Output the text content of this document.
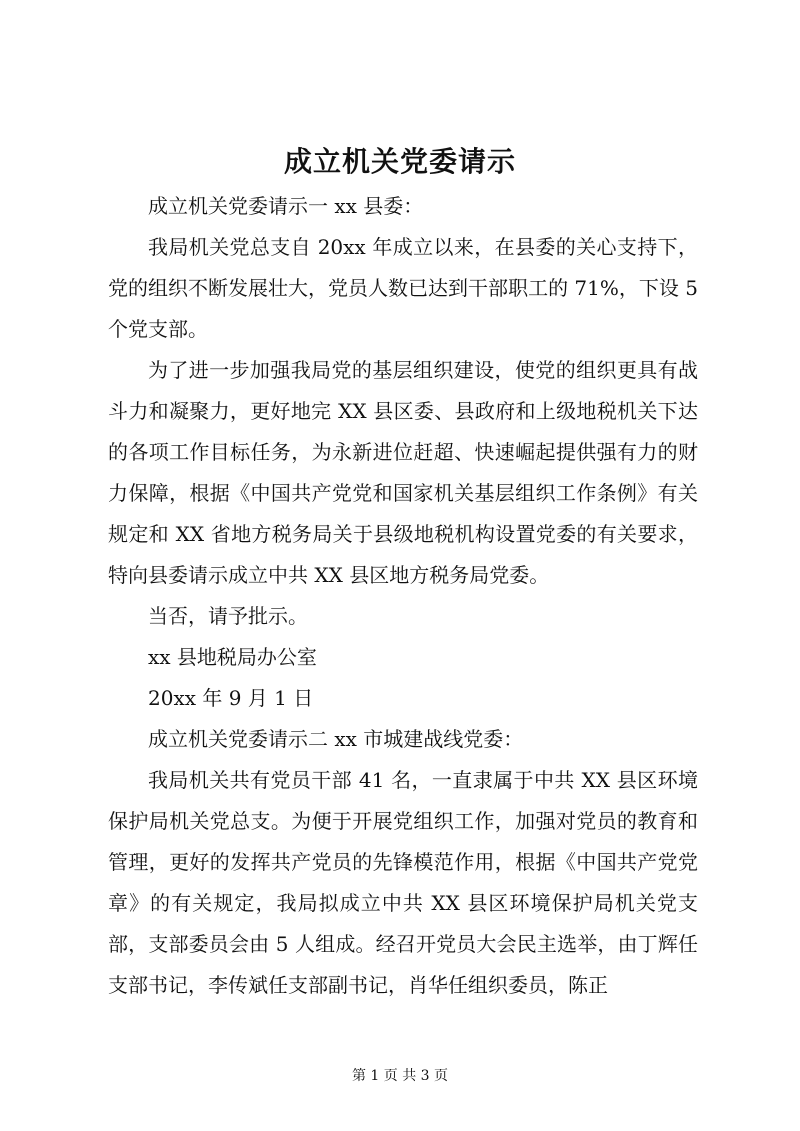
成立机关党委请示

成立机关党委请示一 xx 县委：

我局机关党总支自 20xx 年成立以来，在县委的关心支持下，党的组织不断发展壮大，党员人数已达到干部职工的 71%，下设 5 个党支部。

为了进一步加强我局党的基层组织建设，使党的组织更具有战斗力和凝聚力，更好地完 XX 县区委、县政府和上级地税机关下达的各项工作目标任务，为永新进位赶超、快速崛起提供强有力的财力保障，根据《中国共产党党和国家机关基层组织工作条例》有关规定和 XX 省地方税务局关于县级地税机构设置党委的有关要求，特向县委请示成立中共 XX 县区地方税务局党委。

当否，请予批示。

xx 县地税局办公室

20xx 年 9 月 1 日

成立机关党委请示二 xx 市城建战线党委：

我局机关共有党员干部 41 名，一直隶属于中共 XX 县区环境保护局机关党总支。为便于开展党组织工作，加强对党员的教育和管理，更好的发挥共产党员的先锋模范作用，根据《中国共产党党章》的有关规定，我局拟成立中共 XX 县区环境保护局机关党支部，支部委员会由 5 人组成。经召开党员大会民主选举，由丁辉任支部书记，李传斌任支部副书记，肖华任组织委员，陈正

第 1 页 共 3 页
